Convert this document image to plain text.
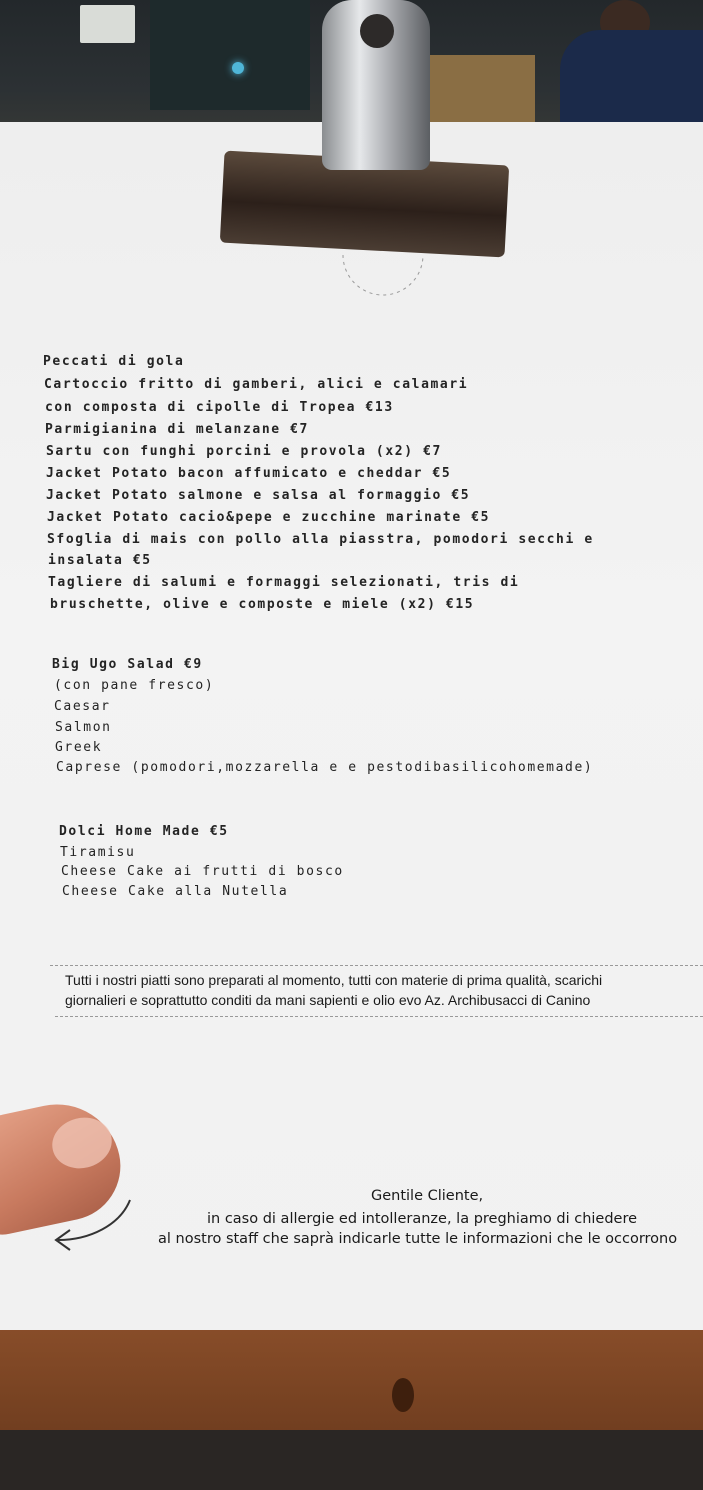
Peccati di gola
Cartoccio fritto di gamberi, alici e calamari
con composta di cipolle di Tropea €13
Parmigianina di melanzane €7
Sartu con funghi porcini e provola (x2) €7
Jacket Potato bacon affumicato e cheddar €5
Jacket Potato salmone e salsa al formaggio €5
Jacket Potato cacio&pepe e zucchine marinate €5
Sfoglia di mais con pollo alla piasstra, pomodori secchi e
insalata €5
Tagliere di salumi e formaggi selezionati, tris di
bruschette, olive e composte e miele (x2) €15
Big Ugo Salad €9
(con pane fresco)
Caesar
Salmon
Greek
Caprese (pomodori,mozzarella e e pestodibasilicohomemade)
Dolci Home Made €5
Tiramisu
Cheese Cake ai frutti di bosco
Cheese Cake alla Nutella
Tutti i nostri piatti sono preparati al momento, tutti con materie di prima qualità, scarichi
giornalieri e soprattutto conditi da mani sapienti e olio evo Az. Archibusacci di Canino
Gentile Cliente,
in caso di allergie ed intolleranze, la preghiamo di chiedere
al nostro staff che saprà indicarle tutte le informazioni che le occorrono
